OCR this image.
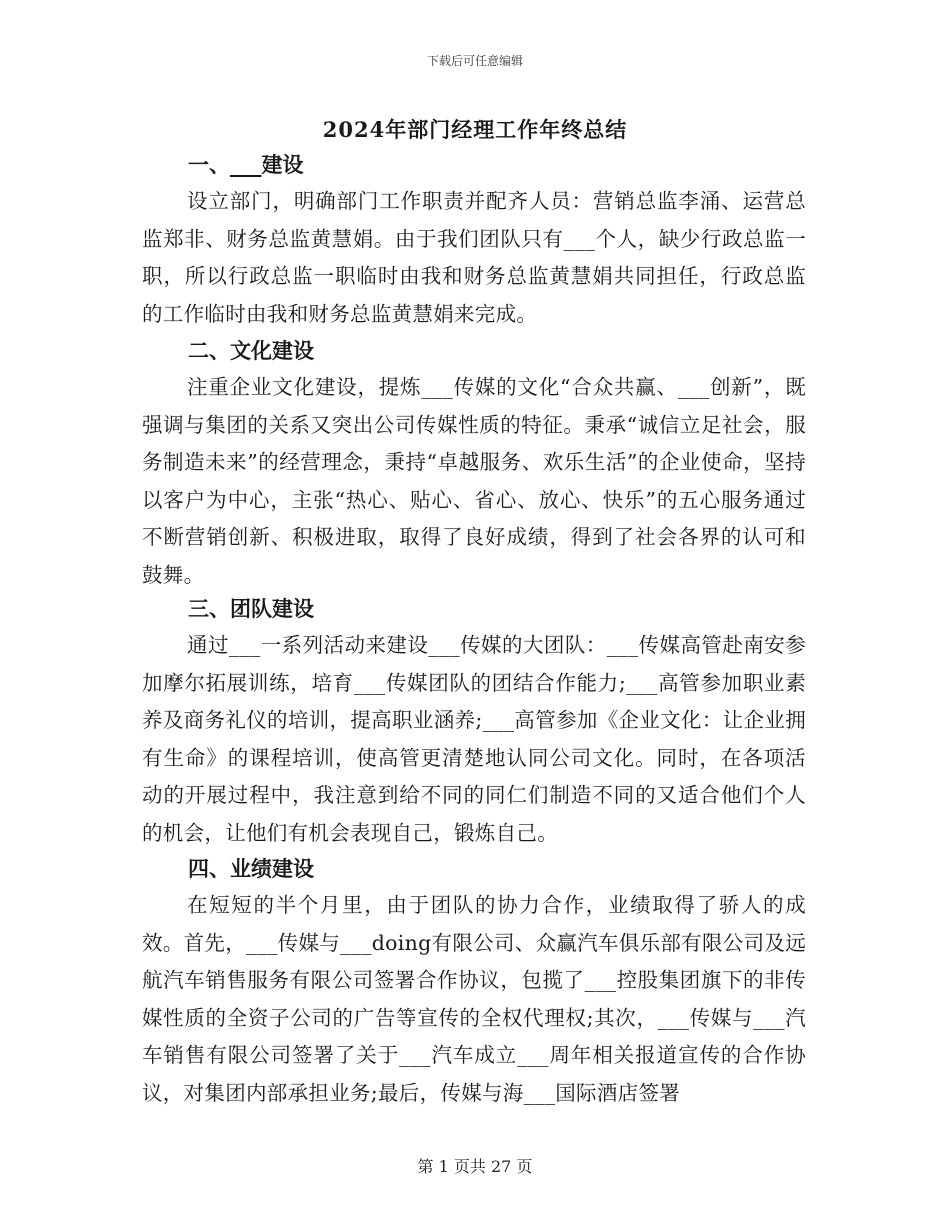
下载后可任意编辑
2024年部门经理工作年终总结
一、___建设
设立部门，明确部门工作职责并配齐人员：营销总监李涌、运营总监郑非、财务总监黄慧娟。由于我们团队只有___个人，缺少行政总监一职，所以行政总监一职临时由我和财务总监黄慧娟共同担任，行政总监的工作临时由我和财务总监黄慧娟来完成。
二、文化建设
注重企业文化建设，提炼___传媒的文化“合众共赢、___创新”，既强调与集团的关系又突出公司传媒性质的特征。秉承“诚信立足社会，服务制造未来”的经营理念，秉持“卓越服务、欢乐生活”的企业使命，坚持以客户为中心，主张“热心、贴心、省心、放心、快乐”的五心服务通过不断营销创新、积极进取，取得了良好成绩，得到了社会各界的认可和鼓舞。
三、团队建设
通过___一系列活动来建设___传媒的大团队：___传媒高管赴南安参加摩尔拓展训练，培育___传媒团队的团结合作能力;___高管参加职业素养及商务礼仪的培训，提高职业涵养;___高管参加《企业文化：让企业拥有生命》的课程培训，使高管更清楚地认同公司文化。同时，在各项活动的开展过程中，我注意到给不同的同仁们制造不同的又适合他们个人的机会，让他们有机会表现自己，锻炼自己。
四、业绩建设
在短短的半个月里，由于团队的协力合作，业绩取得了骄人的成效。首先，___传媒与___doing有限公司、众赢汽车俱乐部有限公司及远航汽车销售服务有限公司签署合作协议，包揽了___控股集团旗下的非传媒性质的全资子公司的广告等宣传的全权代理权;其次，___传媒与___汽车销售有限公司签署了关于___汽车成立___周年相关报道宣传的合作协议，对集团内部承担业务;最后，传媒与海___国际酒店签署
第 1 页共 27 页
